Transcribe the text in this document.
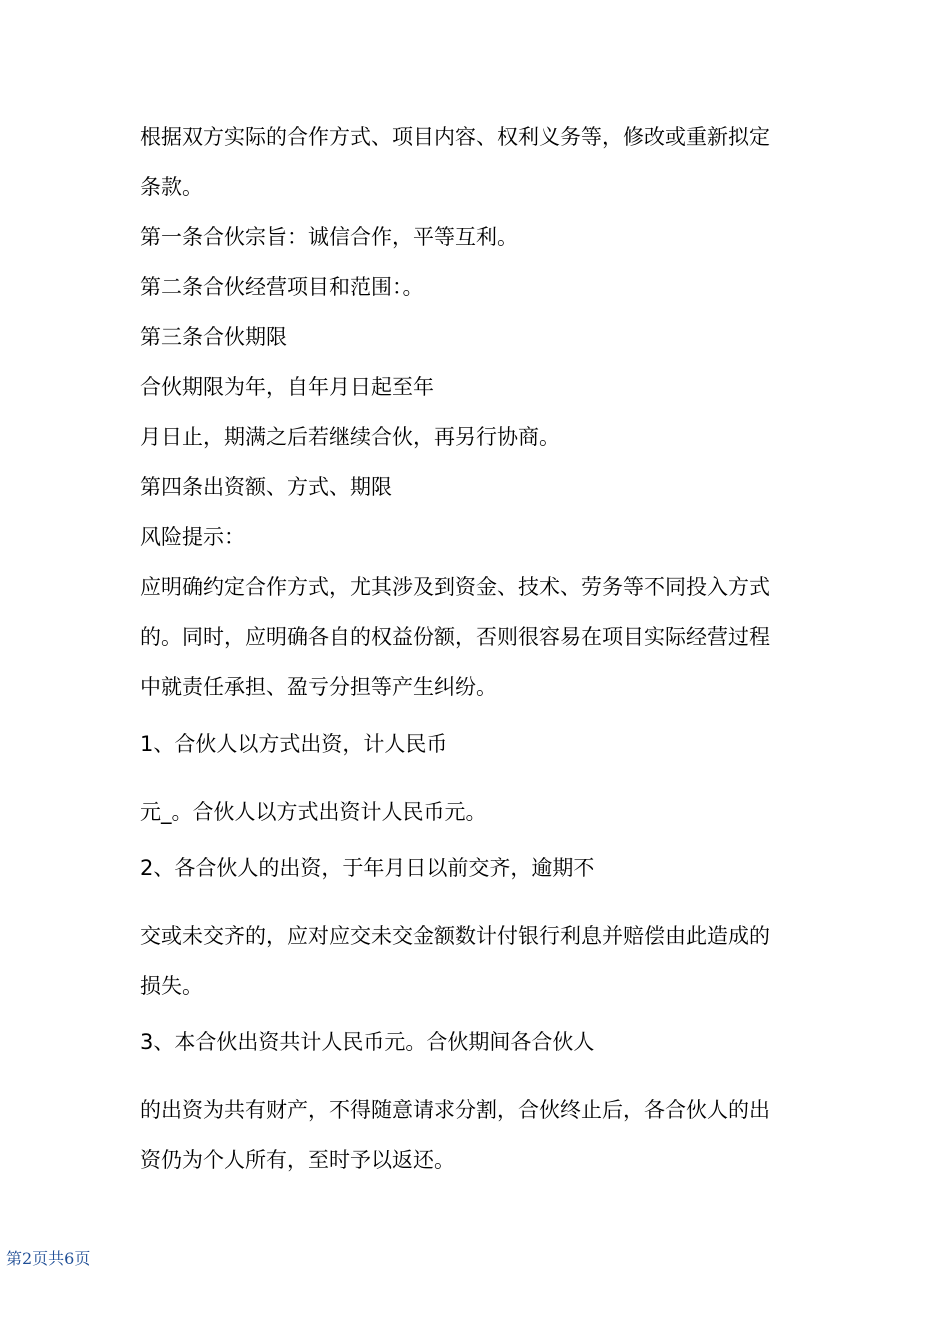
根据双方实际的合作方式、项目内容、权利义务等，修改或重新拟定
条款。
第一条合伙宗旨：诚信合作，平等互利。
第二条合伙经营项目和范围：。
第三条合伙期限
合伙期限为年，自年月日起至年
月日止，期满之后若继续合伙，再另行协商。
第四条出资额、方式、期限
风险提示：
应明确约定合作方式，尤其涉及到资金、技术、劳务等不同投入方式
的。同时，应明确各自的权益份额，否则很容易在项目实际经营过程
中就责任承担、盈亏分担等产生纠纷。
1、合伙人以方式出资，计人民币
元_。合伙人以方式出资计人民币元。
2、各合伙人的出资，于年月日以前交齐，逾期不
交或未交齐的，应对应交未交金额数计付银行利息并赔偿由此造成的
损失。
3、本合伙出资共计人民币元。合伙期间各合伙人
的出资为共有财产，不得随意请求分割，合伙终止后，各合伙人的出
资仍为个人所有，至时予以返还。
第2页共6页
